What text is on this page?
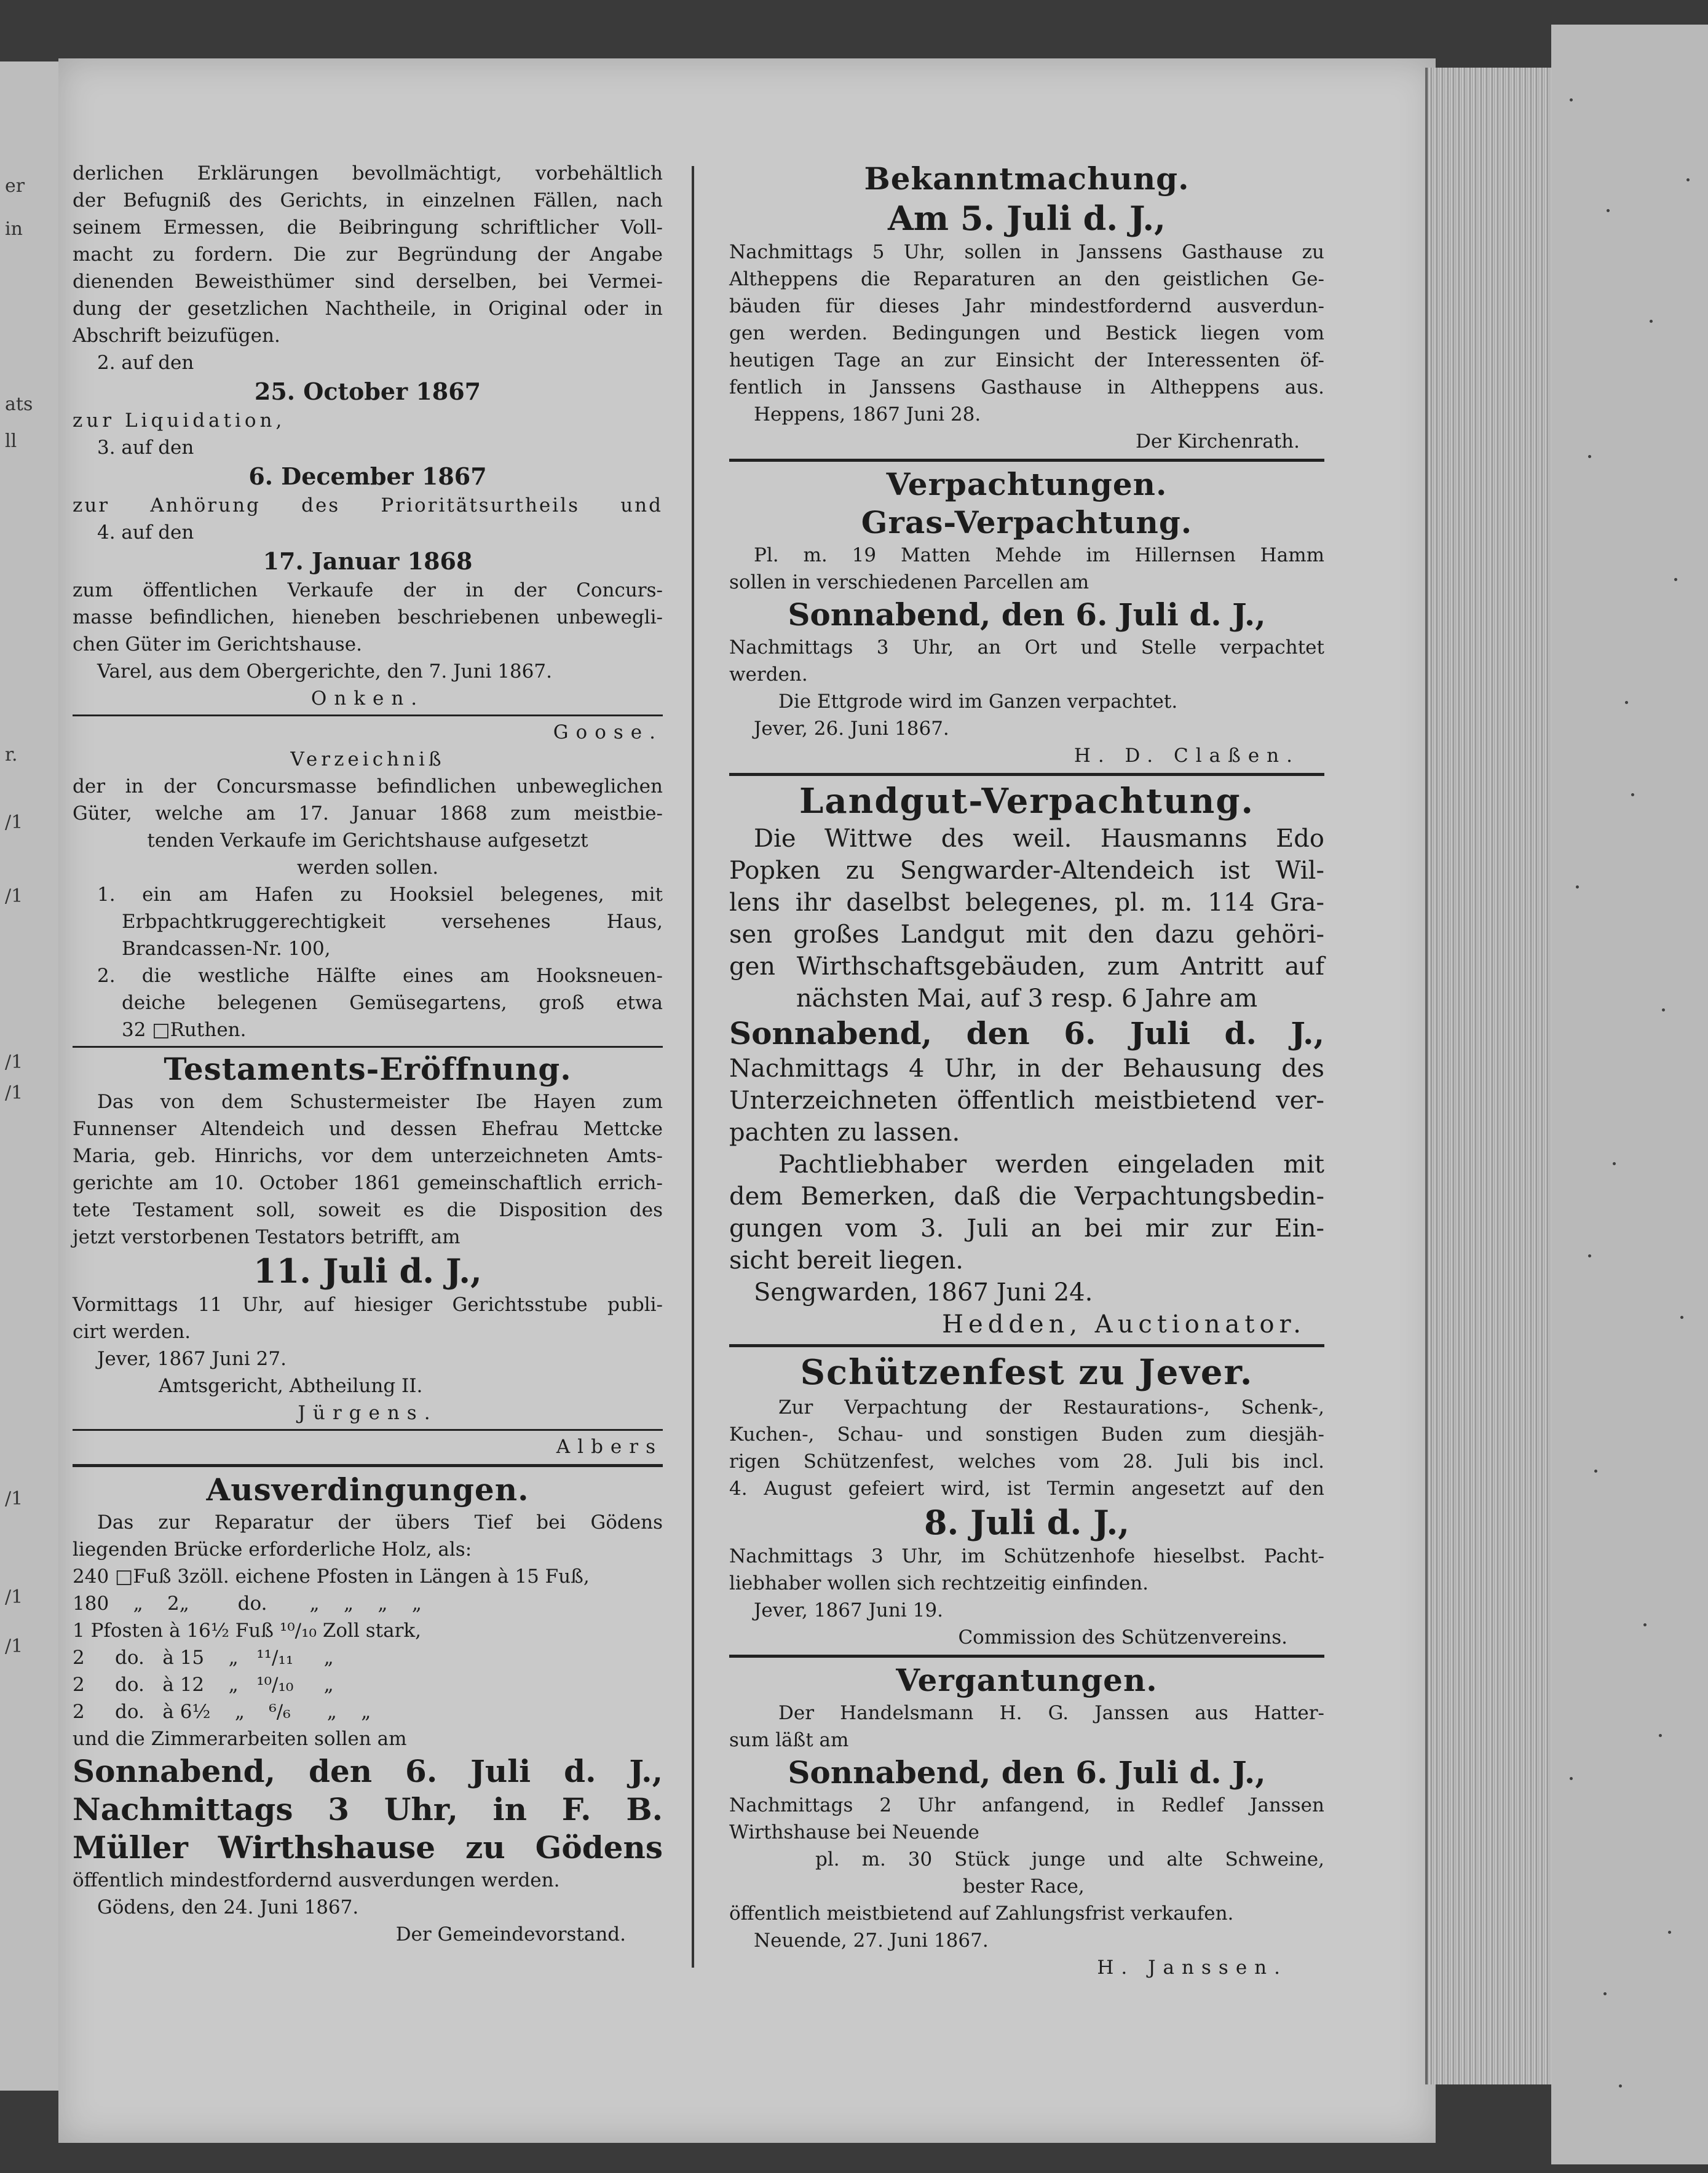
er
in
ats
ll
r.
/1
/1
/1
/1
/1
/1
/1
derlichen Erklärungen bevollmächtigt, vorbehältlich
der Befugniß des Gerichts, in einzelnen Fällen, nach
seinem Ermessen, die Beibringung schriftlicher Voll-
macht zu fordern. Die zur Begründung der Angabe
dienenden Beweisthümer sind derselben, bei Vermei-
dung der gesetzlichen Nachtheile, in Original oder in
Abschrift beizufügen.
2. auf den
25. October 1867
zur Liquidation,
3. auf den
6. December 1867
zur Anhörung des Prioritätsurtheils und
4. auf den
17. Januar 1868
zum öffentlichen Verkaufe der in der Concurs-
masse befindlichen, hieneben beschriebenen unbewegli-
chen Güter im Gerichtshause.
Varel, aus dem Obergerichte, den 7. Juni 1867.
Onken.
Goose.
Verzeichniß
der in der Concursmasse befindlichen unbeweglichen
Güter, welche am 17. Januar 1868 zum meistbie-
tenden Verkaufe im Gerichtshause aufgesetzt
werden sollen.
1. ein am Hafen zu Hooksiel belegenes, mit
Erbpachtkruggerechtigkeit versehenes Haus,
Brandcassen-Nr. 100,
2. die westliche Hälfte eines am Hooksneuen-
deiche belegenen Gemüsegartens, groß etwa
32 □Ruthen.
Testaments-Eröffnung.
Das von dem Schustermeister Ibe Hayen zum
Funnenser Altendeich und dessen Ehefrau Mettcke
Maria, geb. Hinrichs, vor dem unterzeichneten Amts-
gerichte am 10. October 1861 gemeinschaftlich errich-
tete Testament soll, soweit es die Disposition des
jetzt verstorbenen Testators betrifft, am
11. Juli d. J.,
Vormittags 11 Uhr, auf hiesiger Gerichtsstube publi-
cirt werden.
Jever, 1867 Juni 27.
Amtsgericht, Abtheilung II.
Jürgens.
Albers
Ausverdingungen.
Das zur Reparatur der übers Tief bei Gödens
liegenden Brücke erforderliche Holz, als:
240 □Fuß 3zöll. eichene Pfosten in Längen à 15 Fuß,
180    „    2„        do.       „    „    „    „
1 Pfosten à 16½ Fuß ¹⁰/₁₀ Zoll stark,
2     do.   à 15    „   ¹¹/₁₁     „
2     do.   à 12    „   ¹⁰/₁₀     „
2     do.   à 6½    „    ⁶/₆      „    „
und die Zimmerarbeiten sollen am
Sonnabend, den 6. Juli d. J.,
Nachmittags 3 Uhr, in F. B.
Müller Wirthshause zu Gödens
öffentlich mindestfordernd ausverdungen werden.
Gödens, den 24. Juni 1867.
Der Gemeindevorstand.
Bekanntmachung.
Am 5. Juli d. J.,
Nachmittags 5 Uhr, sollen in Janssens Gasthause zu
Altheppens die Reparaturen an den geistlichen Ge-
bäuden für dieses Jahr mindestfordernd ausverdun-
gen werden. Bedingungen und Bestick liegen vom
heutigen Tage an zur Einsicht der Interessenten öf-
fentlich in Janssens Gasthause in Altheppens aus.
Heppens, 1867 Juni 28.
Der Kirchenrath.
Verpachtungen.
Gras-Verpachtung.
Pl. m. 19 Matten Mehde im Hillernsen Hamm
sollen in verschiedenen Parcellen am
Sonnabend, den 6. Juli d. J.,
Nachmittags 3 Uhr, an Ort und Stelle verpachtet
werden.
Die Ettgrode wird im Ganzen verpachtet.
Jever, 26. Juni 1867.
H. D. Claßen.
Landgut-Verpachtung.
Die Wittwe des weil. Hausmanns Edo
Popken zu Sengwarder-Altendeich ist Wil-
lens ihr daselbst belegenes, pl. m. 114 Gra-
sen großes Landgut mit den dazu gehöri-
gen Wirthschaftsgebäuden, zum Antritt auf
nächsten Mai, auf 3 resp. 6 Jahre am
Sonnabend, den 6. Juli d. J.,
Nachmittags 4 Uhr, in der Behausung des
Unterzeichneten öffentlich meistbietend ver-
pachten zu lassen.
Pachtliebhaber werden eingeladen mit
dem Bemerken, daß die Verpachtungsbedin-
gungen vom 3. Juli an bei mir zur Ein-
sicht bereit liegen.
Sengwarden, 1867 Juni 24.
Hedden, Auctionator.
Schützenfest zu Jever.
Zur Verpachtung der Restaurations-, Schenk-,
Kuchen-, Schau- und sonstigen Buden zum diesjäh-
rigen Schützenfest, welches vom 28. Juli bis incl.
4. August gefeiert wird, ist Termin angesetzt auf den
8. Juli d. J.,
Nachmittags 3 Uhr, im Schützenhofe hieselbst. Pacht-
liebhaber wollen sich rechtzeitig einfinden.
Jever, 1867 Juni 19.
Commission des Schützenvereins.
Vergantungen.
Der Handelsmann H. G. Janssen aus Hatter-
sum läßt am
Sonnabend, den 6. Juli d. J.,
Nachmittags 2 Uhr anfangend, in Redlef Janssen
Wirthshause bei Neuende
pl. m. 30 Stück junge und alte Schweine,
bester Race,
öffentlich meistbietend auf Zahlungsfrist verkaufen.
Neuende, 27. Juni 1867.
H. Janssen.
